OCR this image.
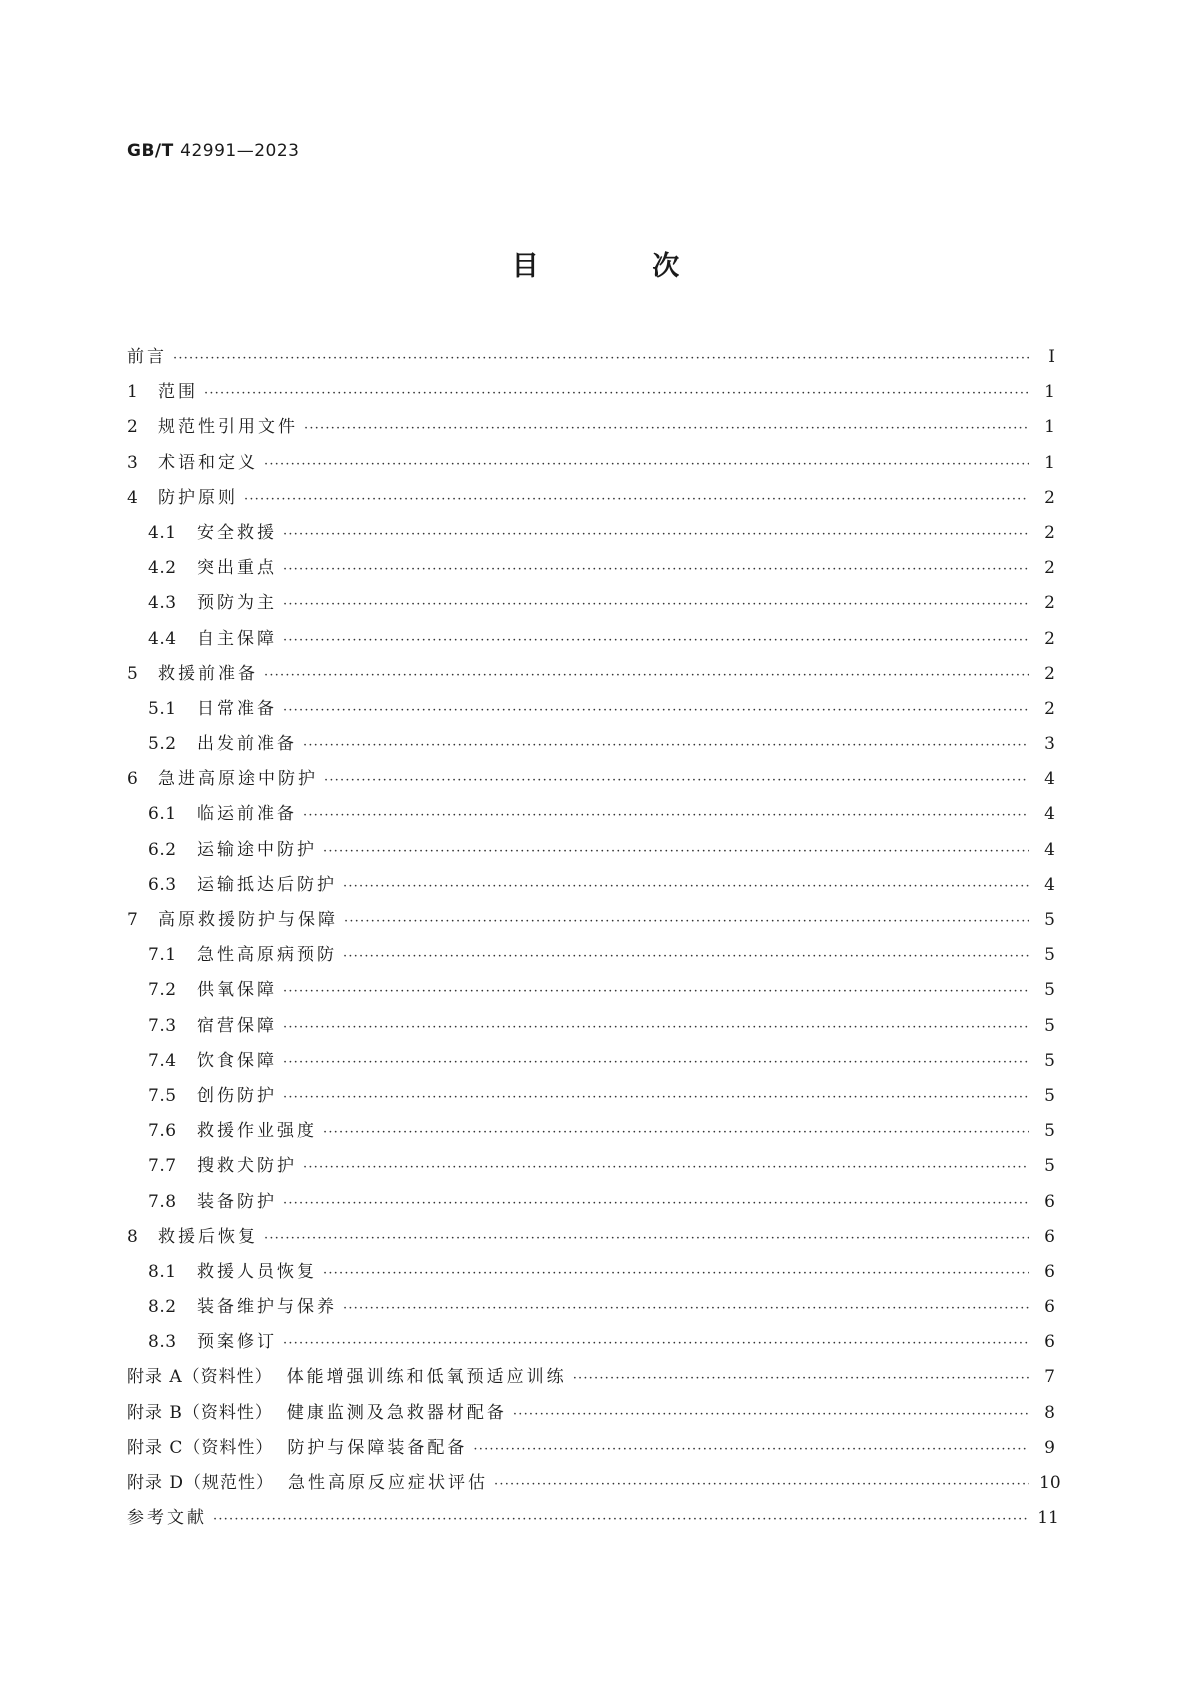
GB/T 42991—2023
目 次
前言 ·····	Ⅰ
1	范围 ·····	1
2	规范性引用文件 ·····	1
3	术语和定义 ·····	1
4	防护原则 ·····	2
4.1	安全救援 ·····	2
4.2	突出重点 ·····	2
4.3	预防为主 ·····	2
4.4	自主保障 ·····	2
5	救援前准备 ·····	2
5.1	日常准备 ·····	2
5.2	出发前准备 ·····	3
6	急进高原途中防护 ·····	4
6.1	临运前准备 ·····	4
6.2	运输途中防护 ·····	4
6.3	运输抵达后防护 ·····	4
7	高原救援防护与保障 ·····	5
7.1	急性高原病预防 ·····	5
7.2	供氧保障 ·····	5
7.3	宿营保障 ·····	5
7.4	饮食保障 ·····	5
7.5	创伤防护 ·····	5
7.6	救援作业强度 ·····	5
7.7	搜救犬防护 ·····	5
7.8	装备防护 ·····	6
8	救援后恢复 ·····	6
8.1	救援人员恢复 ·····	6
8.2	装备维护与保养 ·····	6
8.3	预案修订 ·····	6
附录 A（资料性） 体能增强训练和低氧预适应训练 ·····	7
附录 B（资料性） 健康监测及急救器材配备 ·····	8
附录 C（资料性） 防护与保障装备配备 ·····	9
附录 D（规范性） 急性高原反应症状评估 ·····	10
参考文献 ·····	11
